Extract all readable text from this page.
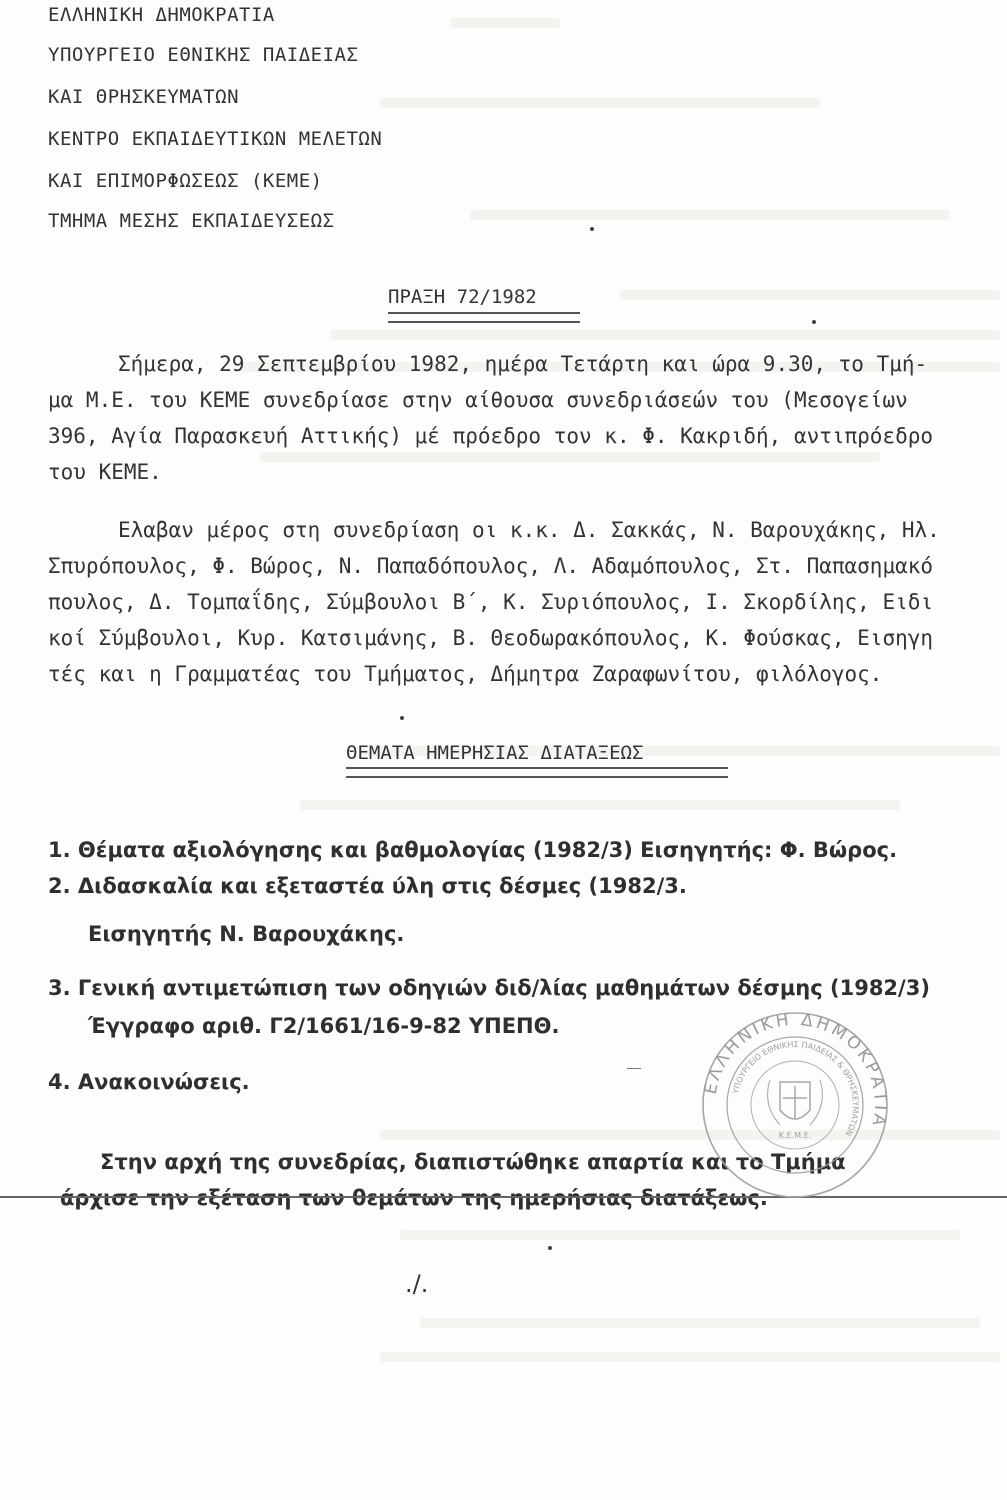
ΕΛΛΗΝΙΚΗ ΔΗΜΟΚΡΑΤΙΑ
ΥΠΟΥΡΓΕΙΟ ΕΘΝΙΚΗΣ ΠΑΙΔΕΙΑΣ
ΚΑΙ ΘΡΗΣΚΕΥΜΑΤΩΝ
ΚΕΝΤΡΟ ΕΚΠΑΙΔΕΥΤΙΚΩΝ ΜΕΛΕΤΩΝ
ΚΑΙ ΕΠΙΜΟΡΦΩΣΕΩΣ (ΚΕΜΕ)
ΤΜΗΜΑ ΜΕΣΗΣ ΕΚΠΑΙΔΕΥΣΕΩΣ
ΠΡΑΞΗ 72/1982
Σήμερα, 29 Σεπτεμβρίου 1982, ημέρα Τετάρτη και ώρα 9.30, το Τμή-
μα Μ.Ε. του ΚΕΜΕ συνεδρίασε στην αίθουσα συνεδριάσεών του (Μεσογείων
396, Αγία Παρασκευή Αττικής) μέ πρόεδρο τον κ. Φ. Κακριδή, αντιπρόεδρο
του ΚΕΜΕ.
Ελαβαν μέρος στη συνεδρίαση οι κ.κ. Δ. Σακκάς, Ν. Βαρουχάκης, Ηλ.
Σπυρόπουλος, Φ. Βώρος, Ν. Παπαδόπουλος, Λ. Αδαμόπουλος, Στ. Παπασημακό
πουλος, Δ. Τομπαΐδης, Σύμβουλοι Β΄, Κ. Συριόπουλος, Ι. Σκορδίλης, Ειδι
κοί Σύμβουλοι, Κυρ. Κατσιμάνης, Β. Θεοδωρακόπουλος, Κ. Φούσκας, Εισηγη
τές και η Γραμματέας του Τμήματος, Δήμητρα Ζαραφωνίτου, φιλόλογος.
ΘΕΜΑΤΑ ΗΜΕΡΗΣΙΑΣ ΔΙΑΤΑΞΕΩΣ
1. Θέματα αξιολόγησης και βαθμολογίας (1982/3) Εισηγητής: Φ. Βώρος.
2. Διδασκαλία και εξεταστέα ύλη στις δέσμες (1982/3.
Εισηγητής Ν. Βαρουχάκης.
3. Γενική αντιμετώπιση των οδηγιών διδ/λίας μαθημάτων δέσμης (1982/3)
Έγγραφο αριθ. Γ2/1661/16-9-82 ΥΠΕΠΘ.
4. Ανακοινώσεις.
Στην αρχή της συνεδρίας, διαπιστώθηκε απαρτία και το Τμήμα
άρχισε την εξέταση των θεμάτων της ημερήσιας διατάξεως.
./.
ΕΛΛΗΝΙΚΗ ΔΗΜΟΚΡΑΤΙΑ
ΥΠΟΥΡΓΕΙΟ ΕΘΝΙΚΗΣ ΠΑΙΔΕΙΑΣ & ΘΡΗΣΚΕΥΜΑΤΩΝ
Κ.Ε.Μ.Ε.
